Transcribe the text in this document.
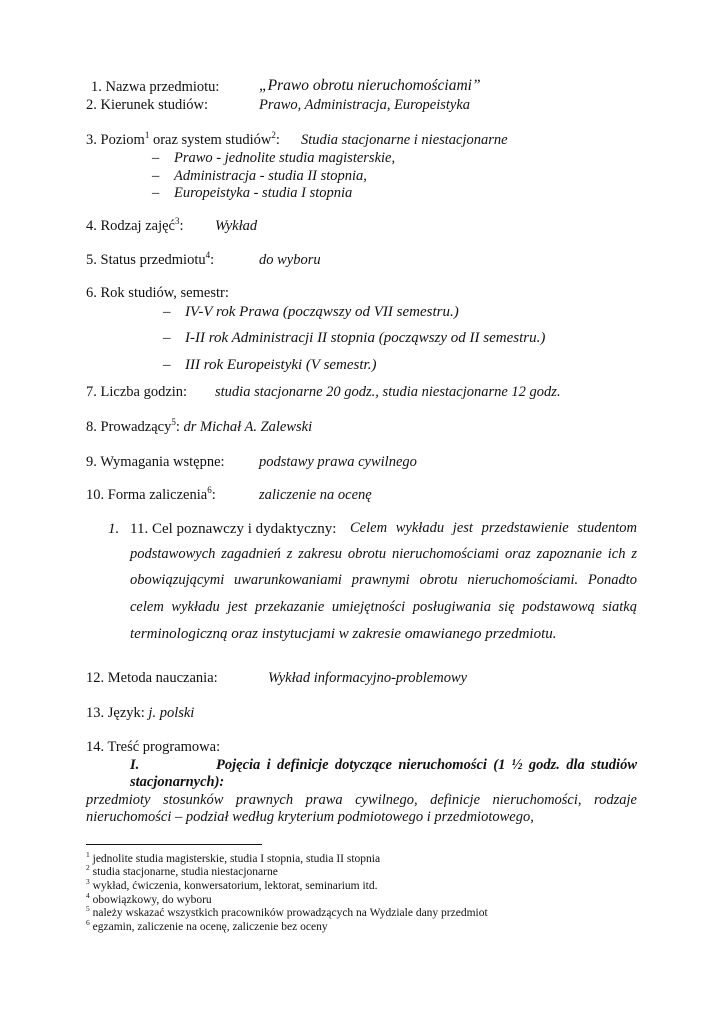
1. Nazwa przedmiotu:	„Prawo obrotu nieruchomościami”
2. Kierunek studiów:	Prawo, Administracja, Europeistyka
3. Poziom$^1$ oraz system studiów$^2$: Studia stacjonarne i niestacjonarne
– Prawo - jednolite studia magisterskie,
– Administracja - studia II stopnia,
– Europeistyka - studia I stopnia
4. Rodzaj zajęć$^3$: Wykład
5. Status przedmiotu$^4$:	do wyboru
6. Rok studiów, semestr:
– IV-V rok Prawa (począwszy od VII semestru.)
– I-II rok Administracji II stopnia (począwszy od II semestru.)
– III rok Europeistyki (V semestr.)
7. Liczba godzin: studia stacjonarne 20 godz., studia niestacjonarne 12 godz.
8. Prowadzący$^5$: dr Michał A. Zalewski
9. Wymagania wstępne: podstawy prawa cywilnego
10. Forma zaliczenia$^6$:	zaliczenie na ocenę
1. 11. Cel poznawczy i dydaktyczny: Celem wykładu jest przedstawienie studentom
podstawowych zagadnień z zakresu obrotu nieruchomościami oraz zapoznanie ich z
obowiązującymi uwarunkowaniami prawnymi obrotu nieruchomościami. Ponadto
celem wykładu jest przekazanie umiejętności posługiwania się podstawową siatką
terminologiczną oraz instytucjami w zakresie omawianego przedmiotu.
12. Metoda nauczania:	Wykład informacyjno-problemowy
13. Język: j. polski
14. Treść programowa:
I.	Pojęcia i definicje dotyczące nieruchomości (1 ½ godz. dla studiów
stacjonarnych):
przedmioty stosunków prawnych prawa cywilnego, definicje nieruchomości, rodzaje
nieruchomości – podział według kryterium podmiotowego i przedmiotowego,
$^1$ jednolite studia magisterskie, studia I stopnia, studia II stopnia
$^2$ studia stacjonarne, studia niestacjonarne
$^3$ wykład, ćwiczenia, konwersatorium, lektorat, seminarium itd.
$^4$ obowiązkowy, do wyboru
$^5$ należy wskazać wszystkich pracowników prowadzących na Wydziale dany przedmiot
$^6$ egzamin, zaliczenie na ocenę, zaliczenie bez oceny
